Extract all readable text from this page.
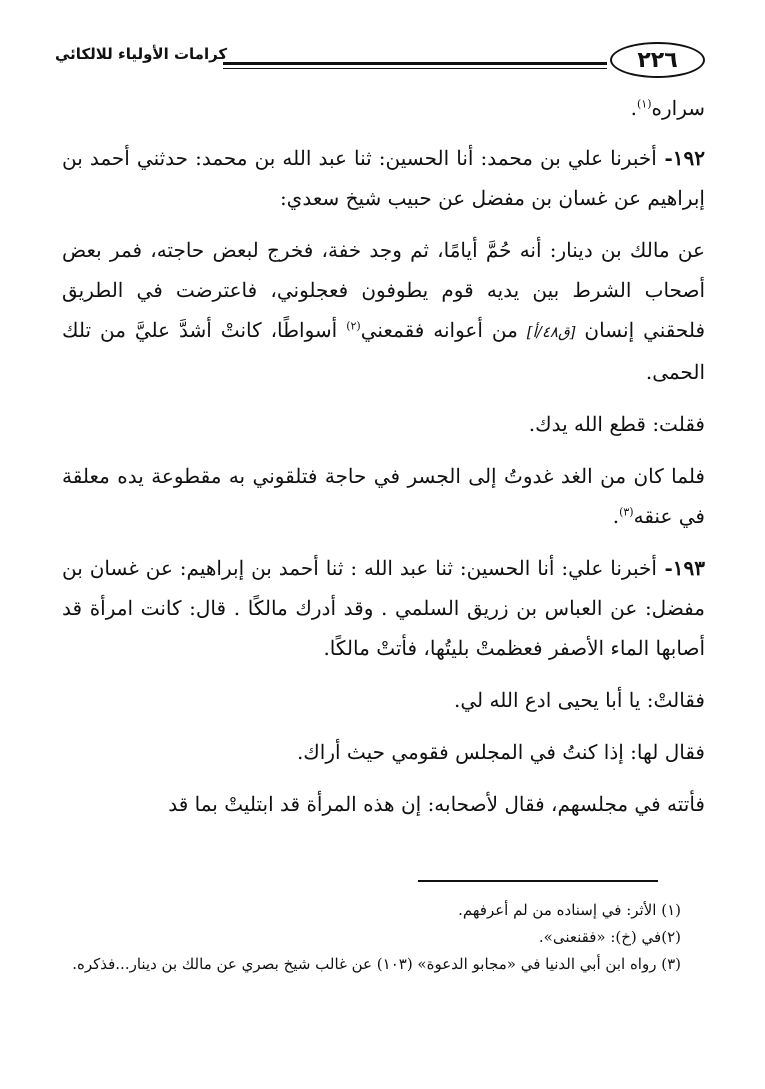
كرامات الأولياء للالكائي	٢٢٦

سراره$^{(١)}$.

١٩٢- أخبرنا علي بن محمد: أنا الحسين: ثنا عبد الله بن محمد: حدثني أحمد بن إبراهيم عن غسان بن مفضل عن حبيب شيخ سعدي:

عن مالك بن دينار: أنه حُمَّ أيامًا، ثم وجد خفة، فخرج لبعض حاجته، فمر بعض أصحاب الشرط بين يديه قوم يطوفون فعجلوني، فاعترضت في الطريق فلحقني إنسان [ق٤٨/أ] من أعوانه فقمعني$^{(٢)}$ أسواطًا، كانتْ أشدَّ عليَّ من تلك الحمى.

فقلت: قطع الله يدك.

فلما كان من الغد غدوتُ إلى الجسر في حاجة فتلقوني به مقطوعة يده معلقة في عنقه$^{(٣)}$.

١٩٣- أخبرنا علي: أنا الحسين: ثنا عبد الله : ثنا أحمد بن إبراهيم: عن غسان بن مفضل: عن العباس بن زريق السلمي . وقد أدرك مالكًا . قال: كانت امرأة قد أصابها الماء الأصفر فعظمتْ بليتُها، فأتتْ مالكًا.

فقالتْ: يا أبا يحيى ادع الله لي.

فقال لها: إذا كنتُ في المجلس فقومي حيث أراك.

فأتته في مجلسهم، فقال لأصحابه: إن هذه المرأة قد ابتليتْ بما قد

(١) الأثر: في إسناده من لم أعرفهم.

(٢)في (خ): «فقنعنى».

(٣) رواه ابن أبي الدنيا في «مجابو الدعوة» (١٠٣) عن غالب شيخ بصري عن مالك بن دينار...فذكره.
